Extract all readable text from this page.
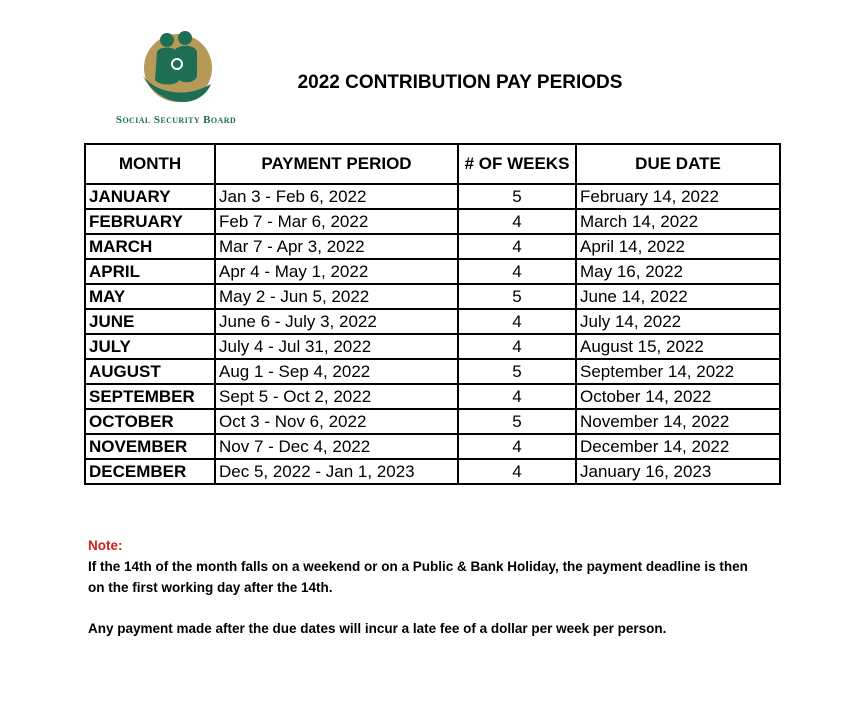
Social Security Board
2022 CONTRIBUTION PAY PERIODS
MONTH	PAYMENT PERIOD	# OF WEEKS	DUE DATE
JANUARY	Jan 3 - Feb 6, 2022	5	February 14, 2022
FEBRUARY	Feb 7 - Mar 6, 2022	4	March 14, 2022
MARCH	Mar 7 - Apr 3, 2022	4	April 14, 2022
APRIL	Apr 4 - May 1, 2022	4	May 16, 2022
MAY	May 2 - Jun 5, 2022	5	June 14, 2022
JUNE	June 6 - July 3, 2022	4	July 14, 2022
JULY	July 4 - Jul 31, 2022	4	August 15, 2022
AUGUST	Aug 1 - Sep 4, 2022	5	September 14, 2022
SEPTEMBER	Sept 5 - Oct 2, 2022	4	October 14, 2022
OCTOBER	Oct 3 - Nov 6, 2022	5	November 14, 2022
NOVEMBER	Nov 7 - Dec 4, 2022	4	December 14, 2022
DECEMBER	Dec 5, 2022 - Jan 1, 2023	4	January 16, 2023
Note:

If the 14th of the month falls on a weekend or on a Public & Bank Holiday, the payment deadline is then on the first working day after the 14th.

Any payment made after the due dates will incur a late fee of a dollar per week per person.
